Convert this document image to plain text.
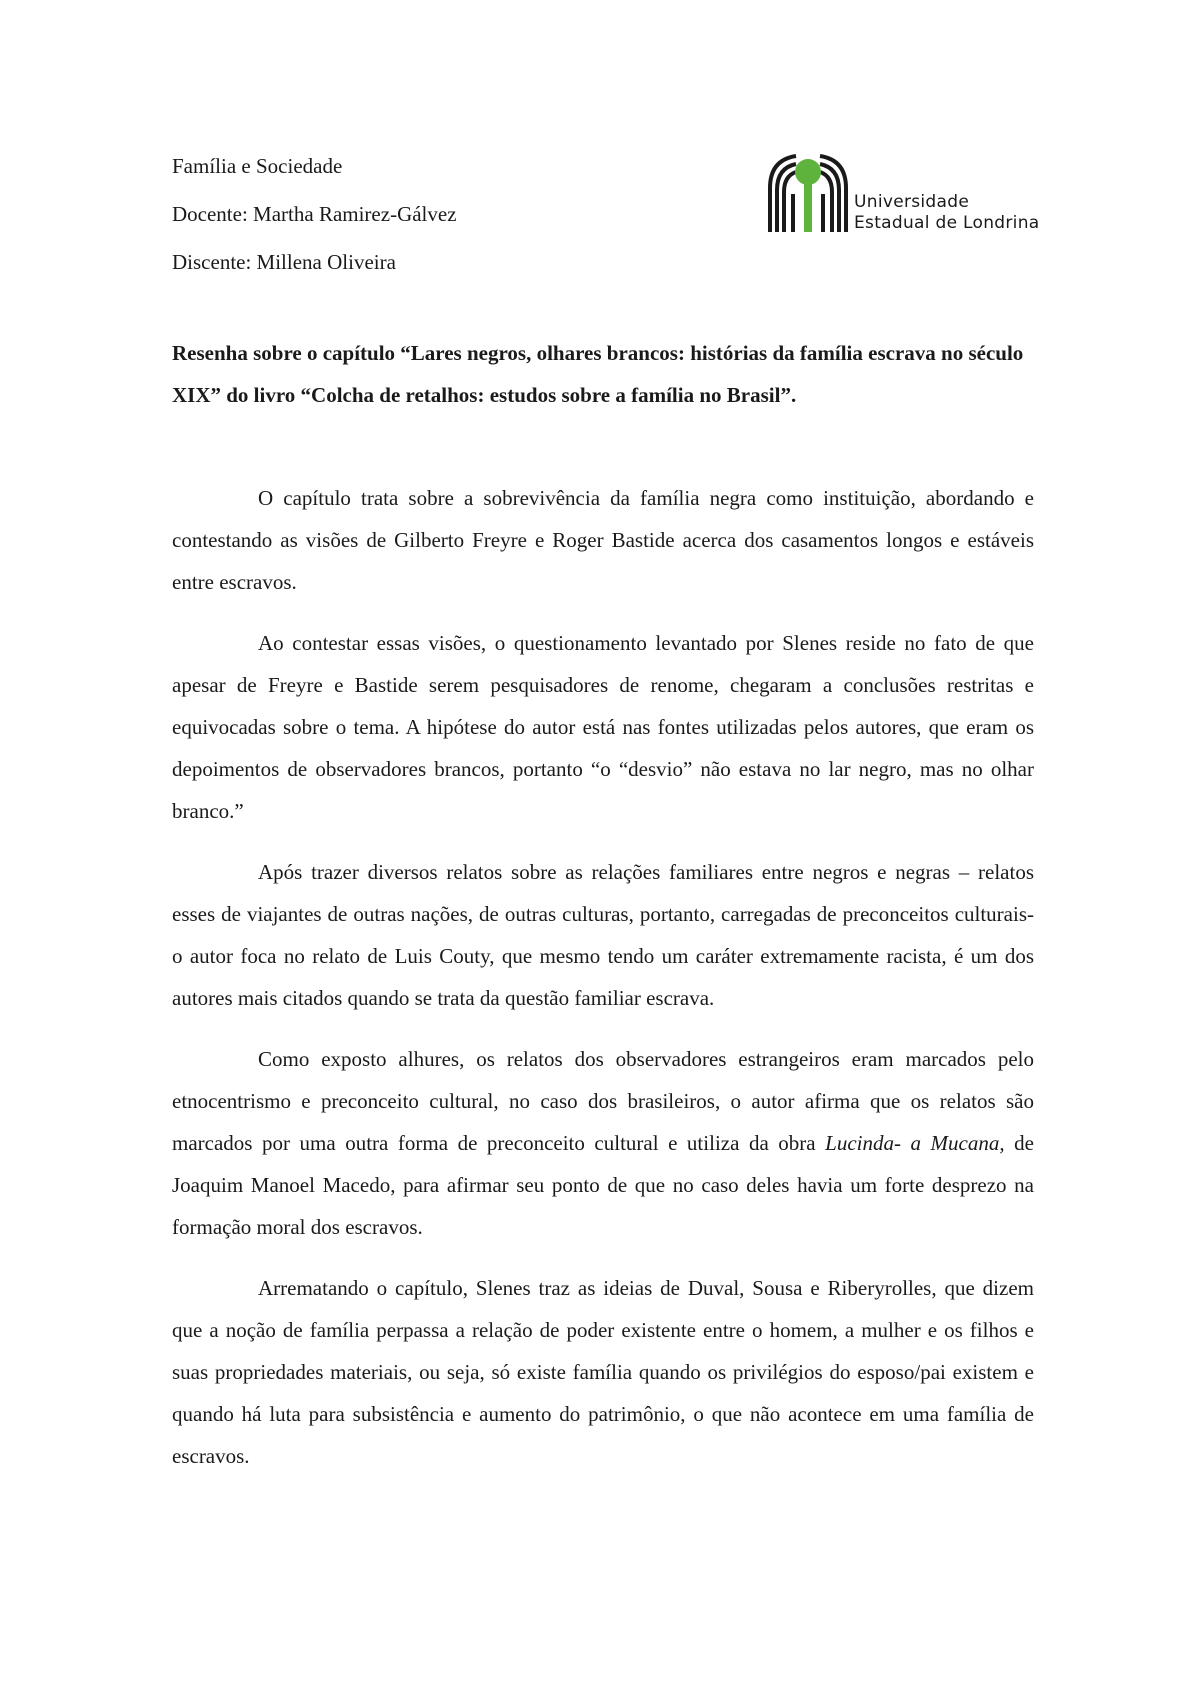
Família e Sociedade
Docente: Martha Ramirez-Gálvez
Discente: Millena Oliveira
Universidade
Estadual de Londrina

Resenha sobre o capítulo “Lares negros, olhares brancos: histórias da família escrava no século XIX” do livro “Colcha de retalhos: estudos sobre a família no Brasil”.

O capítulo trata sobre a sobrevivência da família negra como instituição, abordando e contestando as visões de Gilberto Freyre e Roger Bastide acerca dos casamentos longos e estáveis entre escravos.

Ao contestar essas visões, o questionamento levantado por Slenes reside no fato de que apesar de Freyre e Bastide serem pesquisadores de renome, chegaram a conclusões restritas e equivocadas sobre o tema. A hipótese do autor está nas fontes utilizadas pelos autores, que eram os depoimentos de observadores brancos, portanto “o “desvio” não estava no lar negro, mas no olhar branco.”

Após trazer diversos relatos sobre as relações familiares entre negros e negras – relatos esses de viajantes de outras nações, de outras culturas, portanto, carregadas de preconceitos culturais- o autor foca no relato de Luis Couty, que mesmo tendo um caráter extremamente racista, é um dos autores mais citados quando se trata da questão familiar escrava.

Como exposto alhures, os relatos dos observadores estrangeiros eram marcados pelo etnocentrismo e preconceito cultural, no caso dos brasileiros, o autor afirma que os relatos são marcados por uma outra forma de preconceito cultural e utiliza da obra Lucinda- a Mucana, de Joaquim Manoel Macedo, para afirmar seu ponto de que no caso deles havia um forte desprezo na formação moral dos escravos.

Arrematando o capítulo, Slenes traz as ideias de Duval, Sousa e Riberyrolles, que dizem que a noção de família perpassa a relação de poder existente entre o homem, a mulher e os filhos e suas propriedades materiais, ou seja, só existe família quando os privilégios do esposo/pai existem e quando há luta para subsistência e aumento do patrimônio, o que não acontece em uma família de escravos.
